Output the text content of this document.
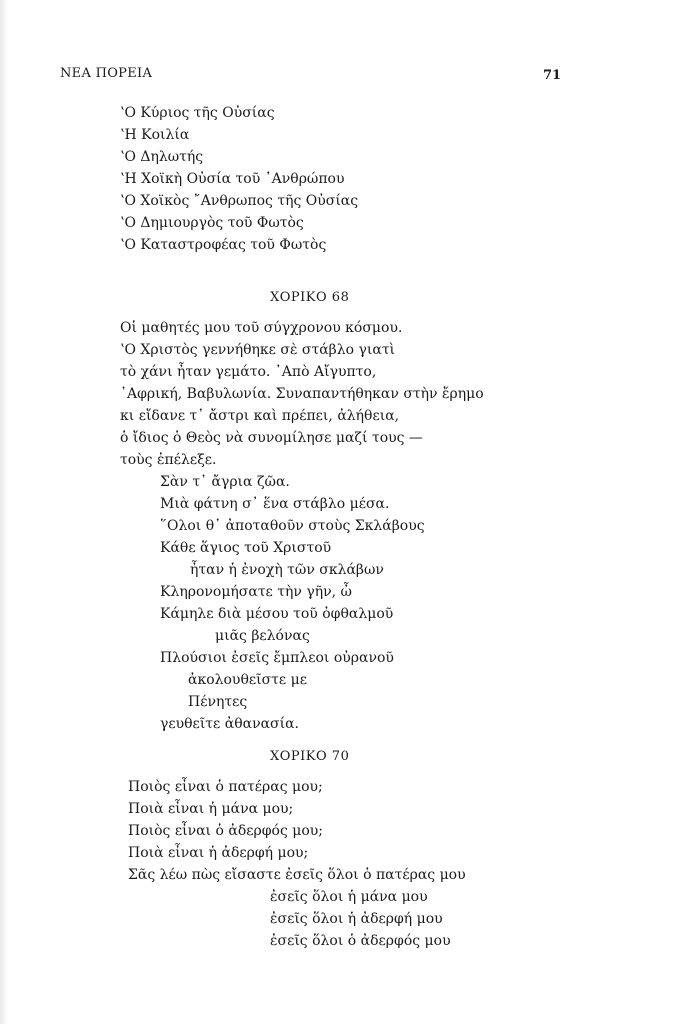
ΝΕΑ ΠΟΡΕΙΑ	71
ʽΟ Κύριος τῆς Οὐσίας
ʽΗ Κοιλία
ʽΟ Δηλωτής
ʽΗ Χοϊκὴ Οὐσία τοῦ ᾿Ανθρώπου
ʽΟ Χοϊκὸς ῎Ανθρωπος τῆς Οὐσίας
ʽΟ Δημιουργὸς τοῦ Φωτὸς
ʽΟ Καταστροφέας τοῦ Φωτὸς
ΧΟΡΙΚΟ 68
Οἱ μαθητές μου τοῦ σύγχρονου κόσμου.
ʽΟ Χριστὸς γεννήθηκε σὲ στάβλο γιατὶ
τὸ χάνι ἦταν γεμάτο. ᾿Απὸ Αἴγυπτο,
᾿Αφρική, Βαβυλωνία. Συναπαντήθηκαν στὴν ἔρημο
κι εἴδανε τ᾿ ἄστρι καὶ πρέπει, ἀλήθεια,
ὁ ἴδιος ὁ Θεὸς νὰ συνομίλησε μαζί τους —
τοὺς ἐπέλεξε.
Σὰν τ᾿ ἄγρια ζῶα.
Μιὰ φάτνη σ᾿ ἕνα στάβλο μέσα.
῞Ολοι θ᾿ ἀποταθοῦν στοὺς Σκλάβους
Κάθε ἅγιος τοῦ Χριστοῦ
ἦταν ἡ ἐνοχὴ τῶν σκλάβων
Κληρονομήσατε τὴν γῆν, ὦ
Κάμηλε διὰ μέσου τοῦ ὀφθαλμοῦ
μιᾶς βελόνας
Πλούσιοι ἐσεῖς ἔμπλεοι οὐρανοῦ
ἀκολουθεῖστε με
Πένητες
γευθεῖτε ἀθανασία.
ΧΟΡΙΚΟ 70
Ποιὸς εἶναι ὁ πατέρας μου;
Ποιὰ εἶναι ἡ μάνα μου;
Ποιὸς εἶναι ὁ ἀδερφός μου;
Ποιὰ εἶναι ἡ ἀδερφή μου;
Σᾶς λέω πὼς εἴσαστε ἐσεῖς ὅλοι ὁ πατέρας μου
ἐσεῖς ὅλοι ἡ μάνα μου
ἐσεῖς ὅλοι ἡ ἀδερφή μου
ἐσεῖς ὅλοι ὁ ἀδερφός μου
